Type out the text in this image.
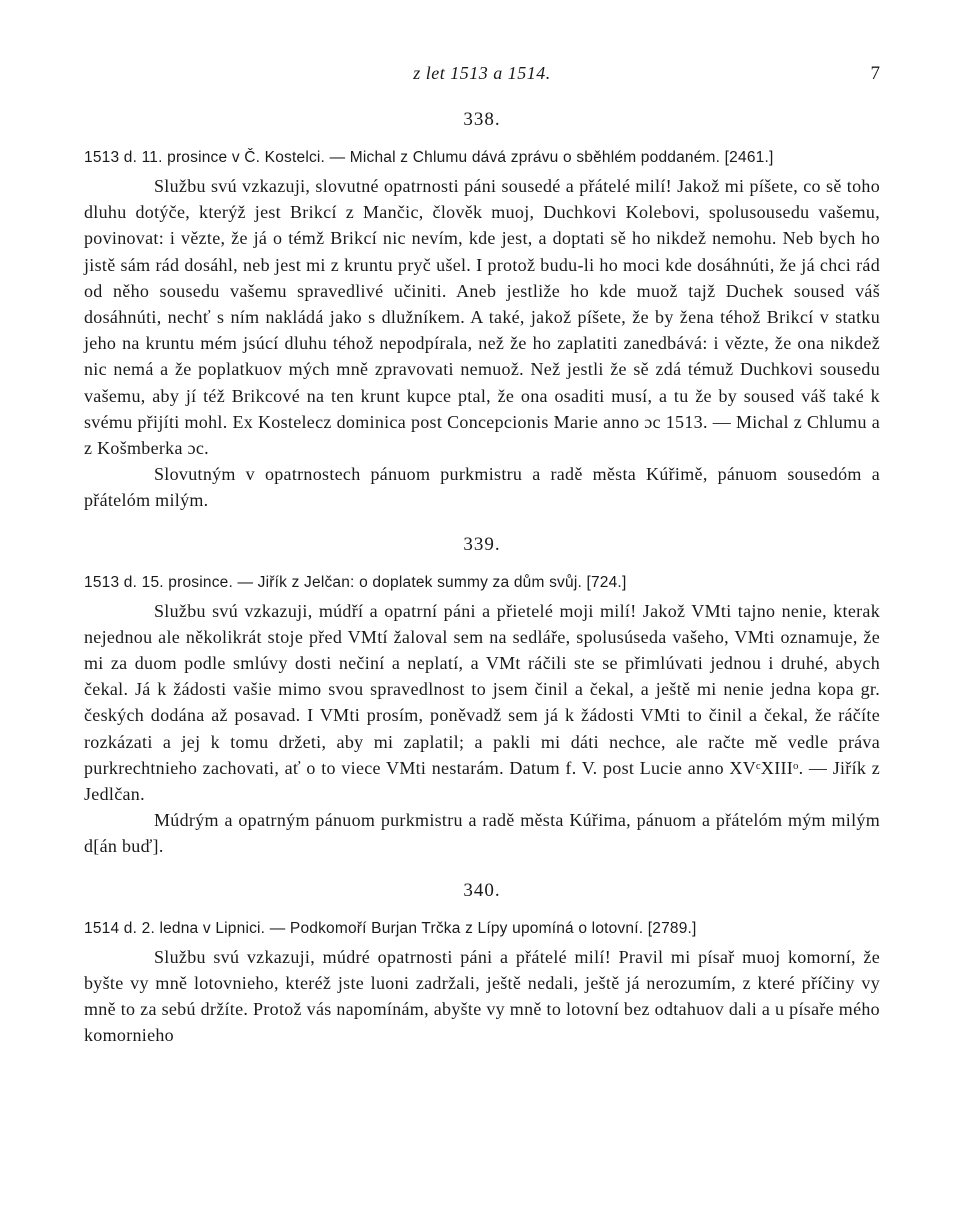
z let 1513 a 1514.	7
338.

1513 d. 11. prosince v Č. Kostelci. — Michal z Chlumu dává zprávu o sběhlém poddaném. [2461.]

Službu svú vzkazuji, slovutné opatrnosti páni sousedé a přátelé milí! Jakož mi píšete, co sě toho dluhu dotýče, kterýž jest Brikcí z Mančic, člověk muoj, Duchkovi Kolebovi, spolusousedu vašemu, povinovat: i vězte, že já o témž Brikcí nic nevím, kde jest, a doptati sě ho nikdež nemohu. Neb bych ho jistě sám rád dosáhl, neb jest mi z kruntu pryč ušel. I protož budu-li ho moci kde dosáhnúti, že já chci rád od něho sousedu vašemu spravedlivé učiniti. Aneb jestliže ho kde muož tajž Duchek soused váš dosáhnúti, nechť s ním nakládá jako s dlužníkem. A také, jakož píšete, že by žena téhož Brikcí v statku jeho na kruntu mém jsúcí dluhu téhož nepodpírala, než že ho zaplatiti zanedbává: i vězte, že ona nikdež nic nemá a že poplatkuov mých mně zpravovati nemuož. Než jestli že sě zdá témuž Duchkovi sousedu vašemu, aby jí též Brikcové na ten krunt kupce ptal, že ona osaditi musí, a tu že by soused váš také k svému přijíti mohl. Ex Kostelecz dominica post Concepcionis Marie anno ɔc 1513. — Michal z Chlumu a z Košmberka ɔc.

Slovutným v opatrnostech pánuom purkmistru a radě města Kúřimě, pánuom sousedóm a přátelóm milým.

339.

1513 d. 15. prosince. — Jiřík z Jelčan: o doplatek summy za dům svůj. [724.]

Službu svú vzkazuji, múdří a opatrní páni a přietelé moji milí! Jakož VMti tajno nenie, kterak nejednou ale několikrát stoje před VMtí žaloval sem na sedláře, spolusúseda vašeho, VMti oznamuje, že mi za duom podle smlúvy dosti nečiní a neplatí, a VMt ráčili ste se přimlúvati jednou i druhé, abych čekal. Já k žádosti vašie mimo svou spravedlnost to jsem činil a čekal, a ještě mi nenie jedna kopa gr. českých dodána až posavad. I VMti prosím, poněvadž sem já k žádosti VMti to činil a čekal, že ráčíte rozkázati a jej k tomu držeti, aby mi zaplatil; a pakli mi dáti nechce, ale račte mě vedle práva purkrechtnieho zachovati, ať o to viece VMti nestarám. Datum f. V. post Lucie anno XVᶜXIIIᵒ. — Jiřík z Jedlčan.

Múdrým a opatrným pánuom purkmistru a radě města Kúřima, pánuom a přátelóm mým milým d[án buď].

340.

1514 d. 2. ledna v Lipnici. — Podkomoří Burjan Trčka z Lípy upomíná o lotovní. [2789.]

Službu svú vzkazuji, múdré opatrnosti páni a přátelé milí! Pravil mi písař muoj komorní, že byšte vy mně lotovnieho, kteréž jste luoni zadržali, ještě nedali, ještě já nerozumím, z které příčiny vy mně to za sebú držíte. Protož vás napomínám, abyšte vy mně to lotovní bez odtahuov dali a u písaře mého komornieho
